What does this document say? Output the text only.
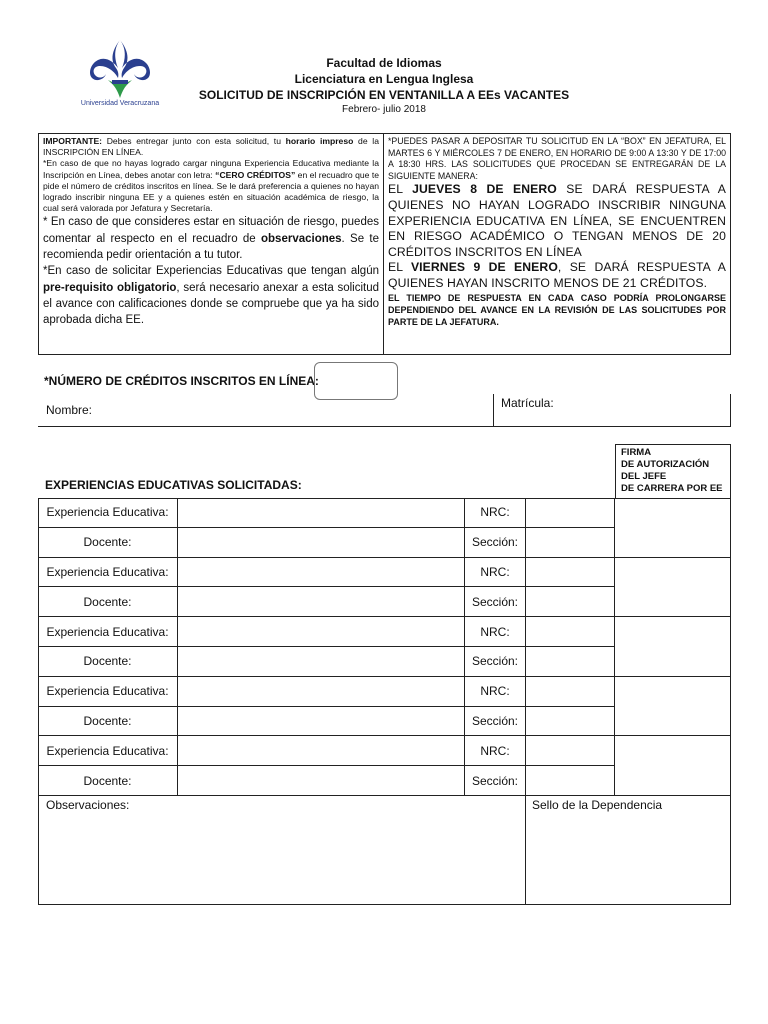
Universidad Veracruzana
Facultad de Idiomas
Licenciatura en Lengua Inglesa
SOLICITUD DE INSCRIPCIÓN EN VENTANILLA A EEs VACANTES
Febrero- julio 2018
IMPORTANTE: Debes entregar junto con esta solicitud, tu horario impreso de la INSCRIPCIÓN EN LÍNEA.
*En caso de que no hayas logrado cargar ninguna Experiencia Educativa mediante la Inscripción en Línea, debes anotar con letra: “CERO CRÉDITOS” en el recuadro que te pide el número de créditos inscritos en línea. Se le dará preferencia a quienes no hayan logrado inscribir ninguna EE y a quienes estén en situación académica de riesgo, la cual será valorada por Jefatura y Secretaría.
* En caso de que consideres estar en situación de riesgo, puedes comentar al respecto en el recuadro de observaciones. Se te recomienda pedir orientación a tu tutor.
*En caso de solicitar Experiencias Educativas que tengan algún pre-requisito obligatorio, será necesario anexar a esta solicitud el avance con calificaciones donde se compruebe que ya ha sido aprobada dicha EE.
*PUEDES PASAR A DEPOSITAR TU SOLICITUD EN LA “BOX” EN JEFATURA, EL MARTES 6 Y MIÉRCOLES 7 DE ENERO, EN HORARIO DE 9:00 A 13:30 Y DE 17:00 A 18:30 HRS. LAS SOLICITUDES QUE PROCEDAN SE ENTREGARÁN DE LA SIGUIENTE MANERA:
EL JUEVES 8 DE ENERO SE DARÁ RESPUESTA A QUIENES NO HAYAN LOGRADO INSCRIBIR NINGUNA EXPERIENCIA EDUCATIVA EN LÍNEA, SE ENCUENTREN EN RIESGO ACADÉMICO O TENGAN MENOS DE 20 CRÉDITOS INSCRITOS EN LÍNEA
EL VIERNES 9 DE ENERO, SE DARÁ RESPUESTA A QUIENES HAYAN INSCRITO MENOS DE 21 CRÉDITOS.
EL TIEMPO DE RESPUESTA EN CADA CASO PODRÍA PROLONGARSE DEPENDIENDO DEL AVANCE EN LA REVISIÓN DE LAS SOLICITUDES POR PARTE DE LA JEFATURA.
*NÚMERO DE CRÉDITOS INSCRITOS EN LÍNEA:
Nombre:	Matrícula:
EXPERIENCIAS EDUCATIVAS SOLICITADAS:
FIRMA
DE AUTORIZACIÓN
DEL JEFE
DE CARRERA POR EE
Experiencia Educativa:	NRC:
Docente:	Sección:
Experiencia Educativa:	NRC:
Docente:	Sección:
Experiencia Educativa:	NRC:
Docente:	Sección:
Experiencia Educativa:	NRC:
Docente:	Sección:
Experiencia Educativa:	NRC:
Docente:	Sección:
Observaciones:	Sello de la Dependencia
